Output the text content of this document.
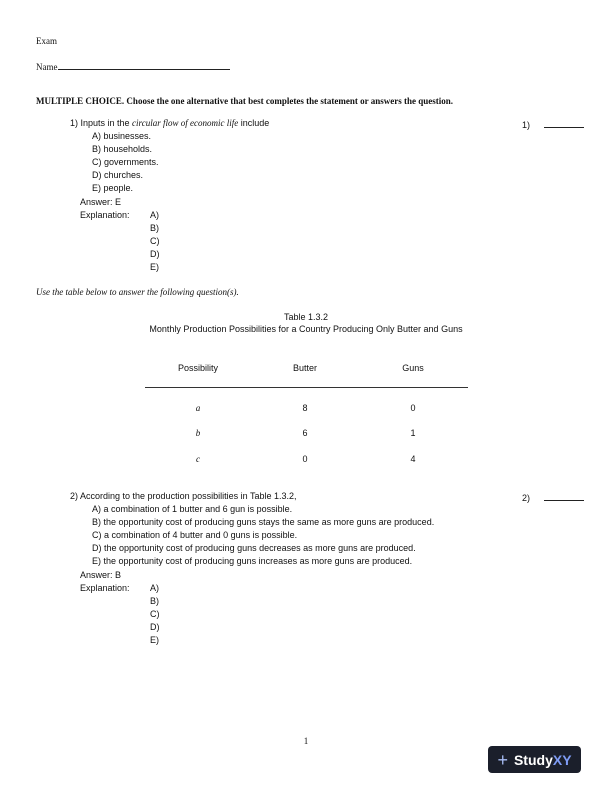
Exam
Name
MULTIPLE CHOICE. Choose the one alternative that best completes the statement or answers the question.
1) Inputs in the circular flow of economic life include	1)
A) businesses.
B) households.
C) governments.
D) churches.
E) people.
Answer: E
Explanation: A)
B)
C)
D)
E)
Use the table below to answer the following question(s).
Table 1.3.2
Monthly Production Possibilities for a Country Producing Only Butter and Guns
Possibility	Butter	Guns
a	8	0
b	6	1
c	0	4
2) According to the production possibilities in Table 1.3.2,	2)
A) a combination of 1 butter and 6 gun is possible.
B) the opportunity cost of producing guns stays the same as more guns are produced.
C) a combination of 4 butter and 0 guns is possible.
D) the opportunity cost of producing guns decreases as more guns are produced.
E) the opportunity cost of producing guns increases as more guns are produced.
Answer: B
Explanation: A)
B)
C)
D)
E)
1
+ StudyXY
